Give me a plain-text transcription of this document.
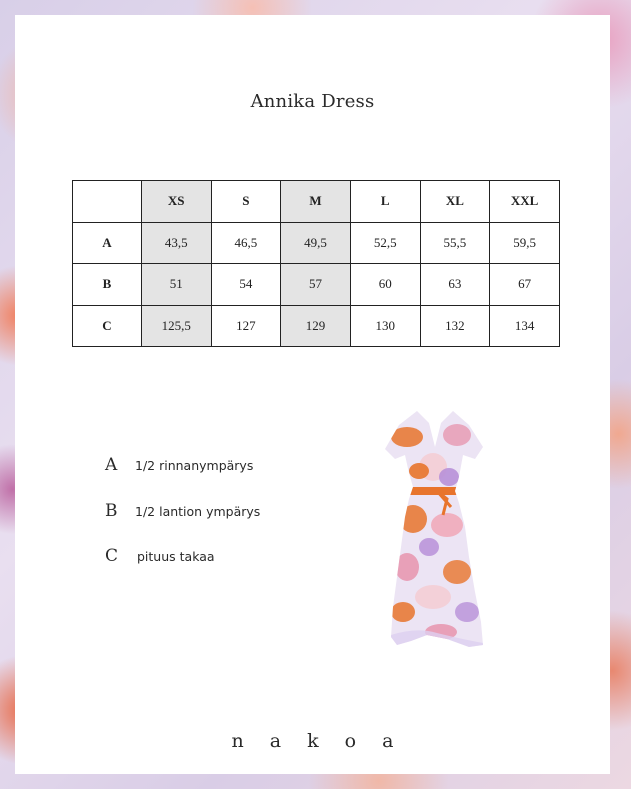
Annika Dress
	XS	S	M	L	XL	XXL
A	43,5	46,5	49,5	52,5	55,5	59,5
B	51	54	57	60	63	67
C	125,5	127	129	130	132	134
A 1/2 rinnanympärys
B 1/2 lantion ympärys
C pituus takaa
n a k o a
